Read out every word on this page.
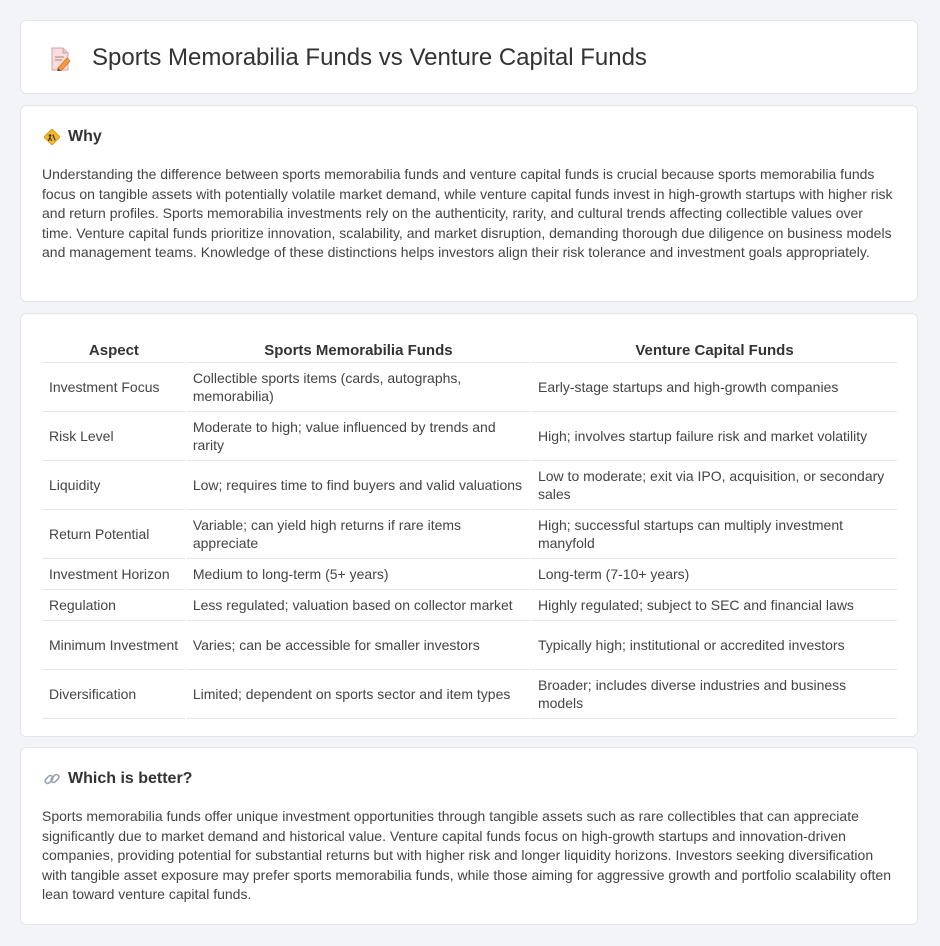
Sports Memorabilia Funds vs Venture Capital Funds
Why

Understanding the difference between sports memorabilia funds and venture capital funds is crucial because sports memorabilia funds focus on tangible assets with potentially volatile market demand, while venture capital funds invest in high-growth startups with higher risk and return profiles. Sports memorabilia investments rely on the authenticity, rarity, and cultural trends affecting collectible values over time. Venture capital funds prioritize innovation, scalability, and market disruption, demanding thorough due diligence on business models and management teams. Knowledge of these distinctions helps investors align their risk tolerance and investment goals appropriately.

Aspect	Sports Memorabilia Funds	Venture Capital Funds
Investment Focus	Collectible sports items (cards, autographs, memorabilia)	Early-stage startups and high-growth companies
Risk Level	Moderate to high; value influenced by trends and rarity	High; involves startup failure risk and market volatility
Liquidity	Low; requires time to find buyers and valid valuations	Low to moderate; exit via IPO, acquisition, or secondary sales
Return Potential	Variable; can yield high returns if rare items appreciate	High; successful startups can multiply investment manyfold
Investment Horizon	Medium to long-term (5+ years)	Long-term (7-10+ years)
Regulation	Less regulated; valuation based on collector market	Highly regulated; subject to SEC and financial laws
Minimum Investment	Varies; can be accessible for smaller investors	Typically high; institutional or accredited investors
Diversification	Limited; dependent on sports sector and item types	Broader; includes diverse industries and business models
Which is better?

Sports memorabilia funds offer unique investment opportunities through tangible assets such as rare collectibles that can appreciate significantly due to market demand and historical value. Venture capital funds focus on high-growth startups and innovation-driven companies, providing potential for substantial returns but with higher risk and longer liquidity horizons. Investors seeking diversification with tangible asset exposure may prefer sports memorabilia funds, while those aiming for aggressive growth and portfolio scalability often lean toward venture capital funds.
